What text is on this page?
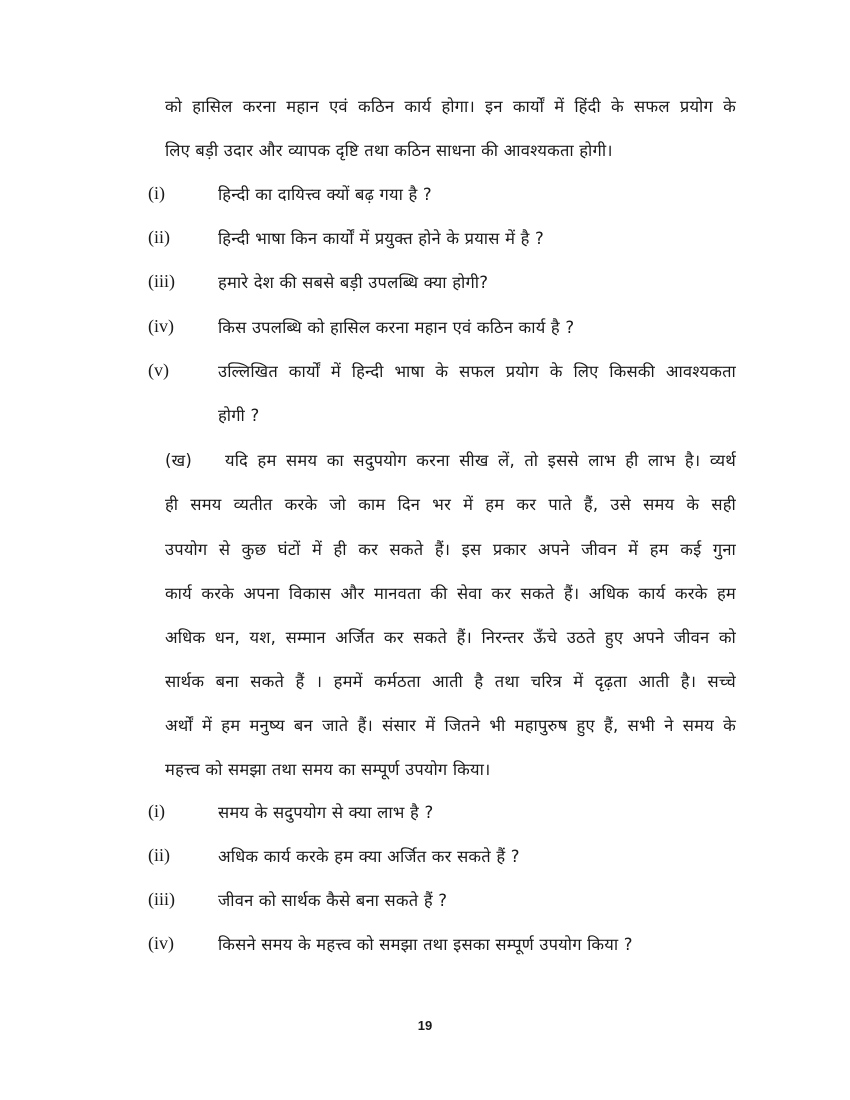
को हासिल करना महान एवं कठिन कार्य होगा। इन कार्यों में हिंदी के सफल प्रयोग के
लिए बड़ी उदार और व्यापक दृष्टि तथा कठिन साधना की आवश्यकता होगी।
(i)	हिन्दी का दायित्त्व क्यों बढ़ गया है ?
(ii)	हिन्दी भाषा किन कार्यों में प्रयुक्त होने के प्रयास में है ?
(iii)	हमारे देश की सबसे बड़ी उपलब्धि क्या होगी?
(iv)	किस उपलब्धि को हासिल करना महान एवं कठिन कार्य है ?
(v)	उल्लिखित कार्यों में हिन्दी भाषा के सफल प्रयोग के लिए किसकी आवश्यकता
होगी ?
(ख) यदि हम समय का सदुपयोग करना सीख लें, तो इससे लाभ ही लाभ है। व्यर्थ
ही समय व्यतीत करके जो काम दिन भर में हम कर पाते हैं, उसे समय के सही
उपयोग से कुछ घंटों में ही कर सकते हैं। इस प्रकार अपने जीवन में हम कई गुना
कार्य करके अपना विकास और मानवता की सेवा कर सकते हैं। अधिक कार्य करके हम
अधिक धन, यश, सम्मान अर्जित कर सकते हैं। निरन्तर ऊँचे उठते हुए अपने जीवन को
सार्थक बना सकते हैं । हममें कर्मठता आती है तथा चरित्र में दृढ़ता आती है। सच्चे
अर्थों में हम मनुष्य बन जाते हैं। संसार में जितने भी महापुरुष हुए हैं, सभी ने समय के
महत्त्व को समझा तथा समय का सम्पूर्ण उपयोग किया।
(i)	समय के सदुपयोग से क्या लाभ है ?
(ii)	अधिक कार्य करके हम क्या अर्जित कर सकते हैं ?
(iii)	जीवन को सार्थक कैसे बना सकते हैं ?
(iv)	किसने समय के महत्त्व को समझा तथा इसका सम्पूर्ण उपयोग किया ?
19
